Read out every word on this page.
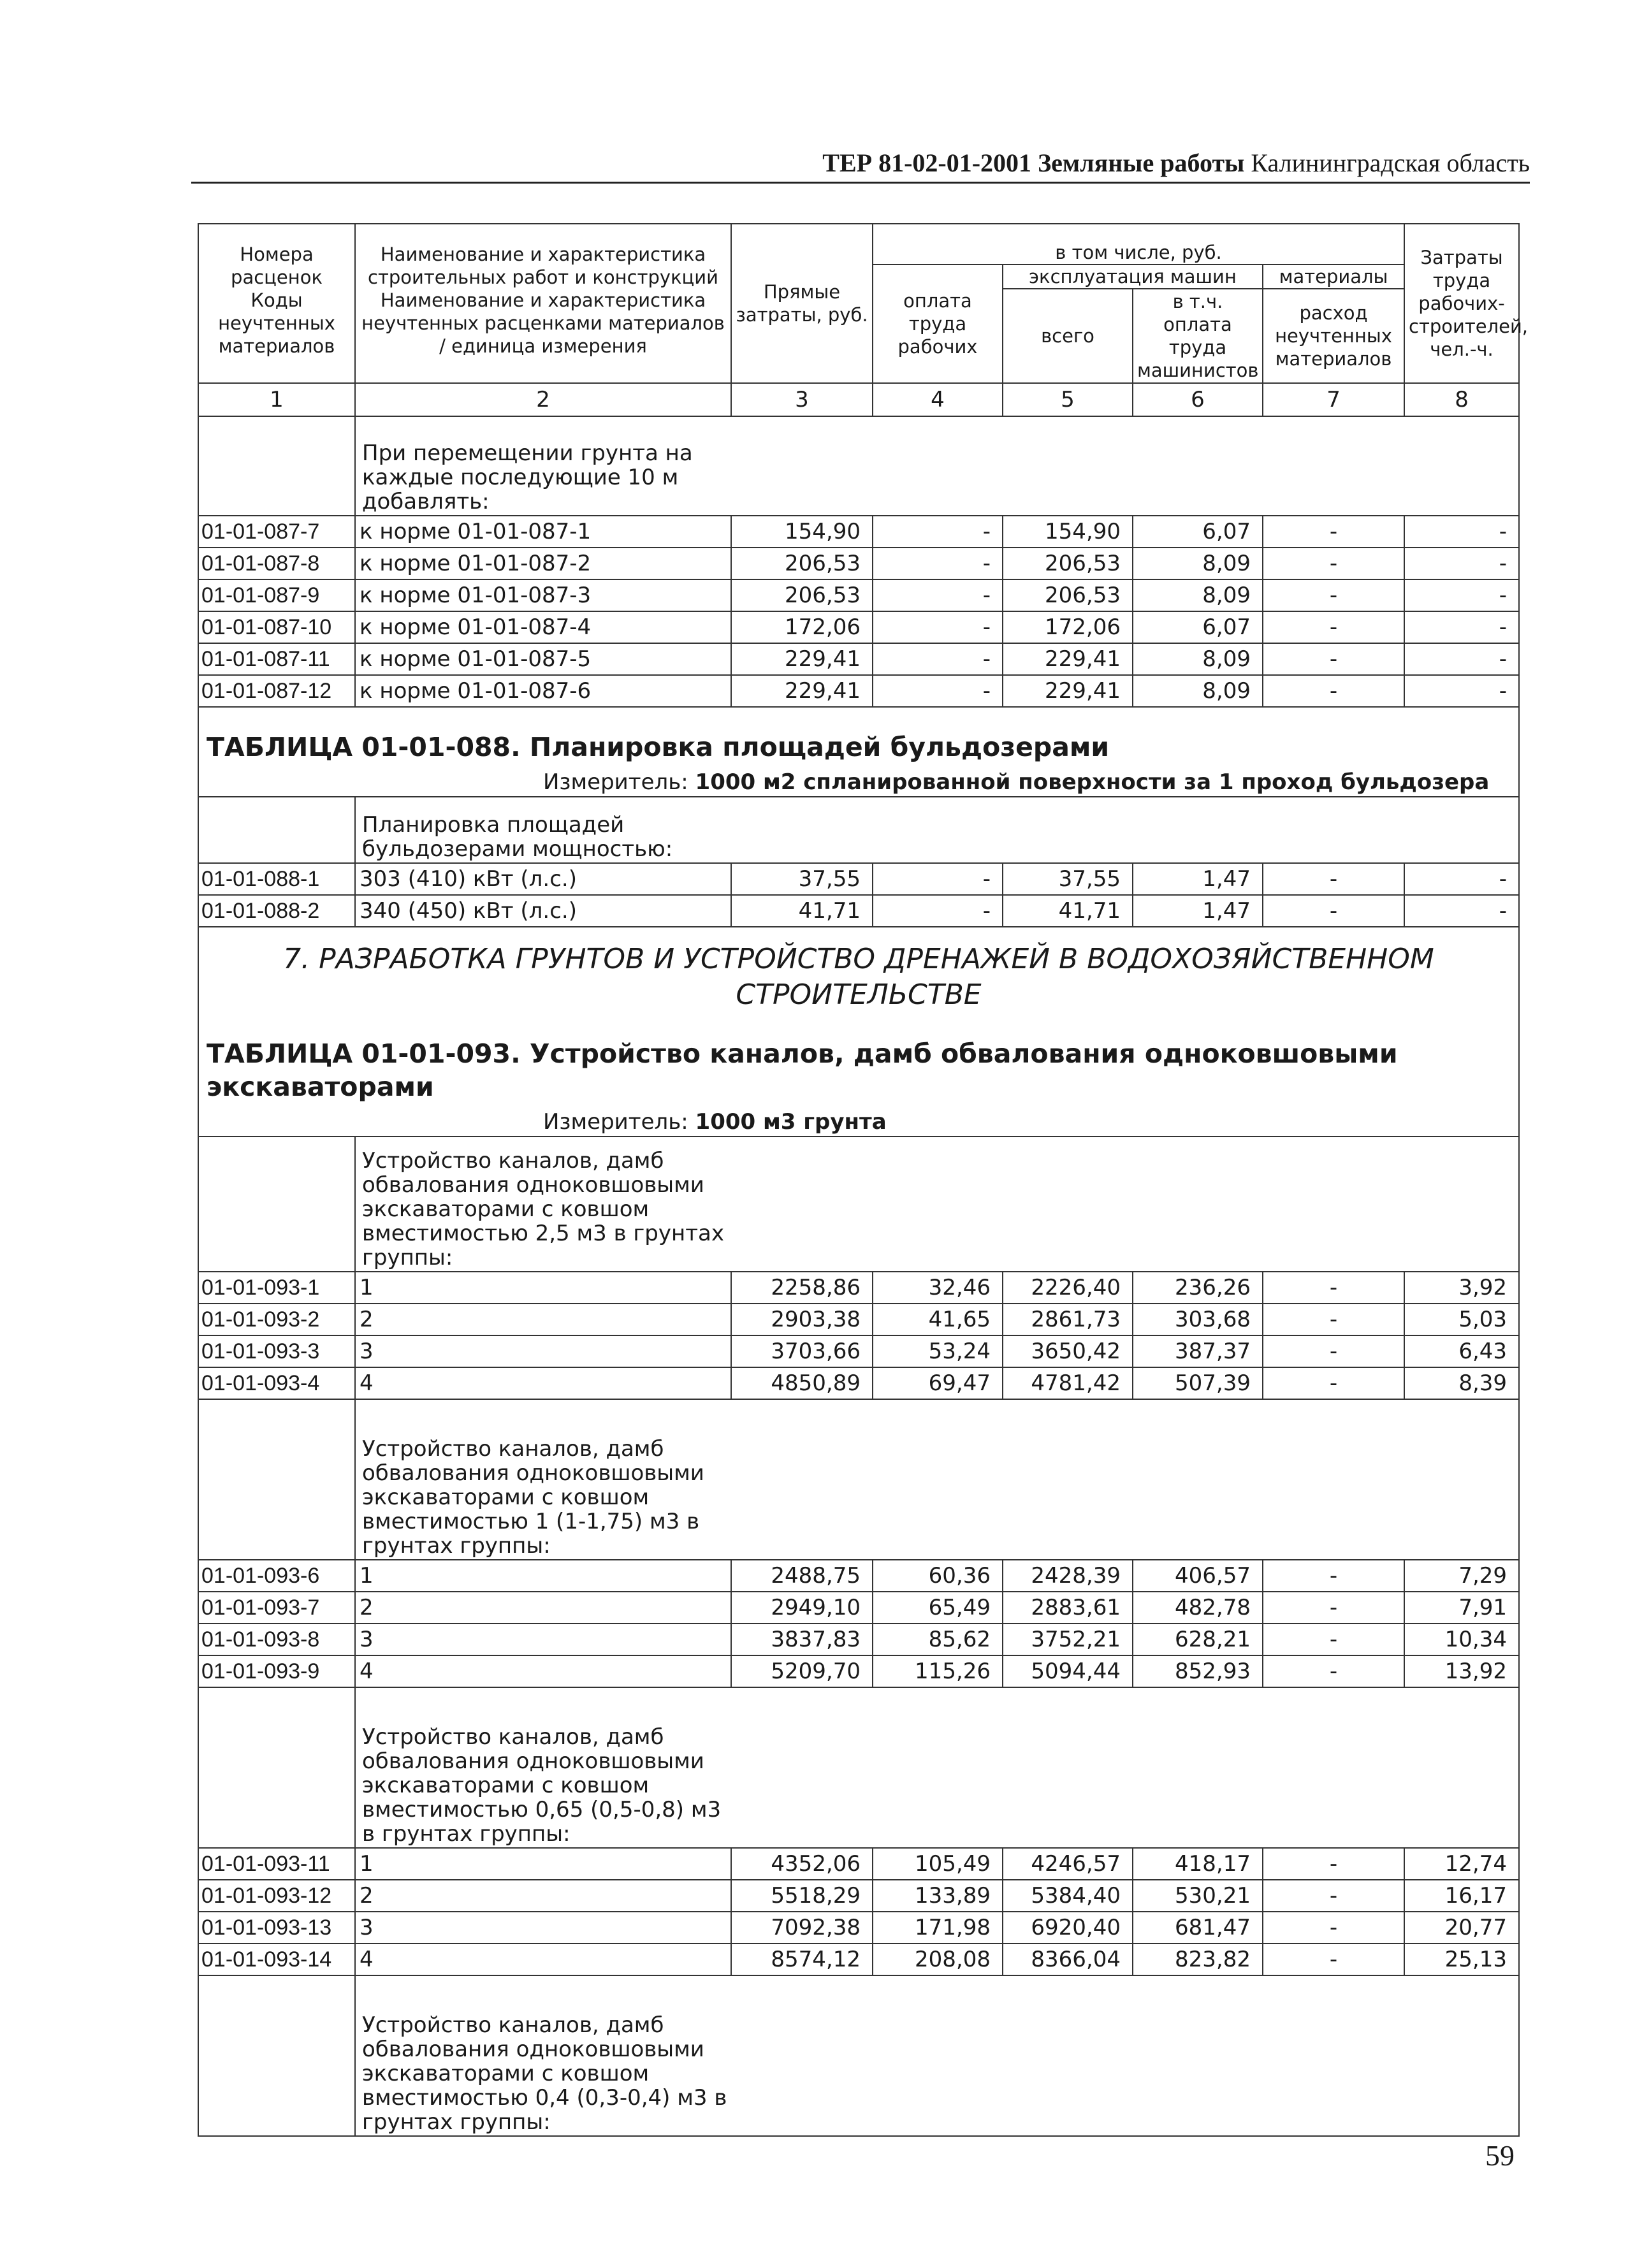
ТЕР 81-02-01-2001 Земляные работы Калининградская область
Номера расценок	Наименование и характеристика строительных работ и конструкций	Прямые затраты, руб.	в том числе, руб.				Затраты труда рабочих-строителей, чел.-ч.
			оплата труда рабочих	эксплуатация машин		материалы	
Коды неучтенных материалов	Наименование и характеристика неучтенных расценками материалов / единица измерения			всего	в т.ч. оплата труда машинистов	расход неучтенных материалов	

1	2	3	4	5	6	7	8

	При перемещении грунта на каждые последующие 10 м добавлять:						

01-01-087-7	к норме 01-01-087-1	154,90	-	154,90	6,07	-	-
01-01-087-8	к норме 01-01-087-2	206,53	-	206,53	8,09	-	-
01-01-087-9	к норме 01-01-087-3	206,53	-	206,53	8,09	-	-
01-01-087-10	к норме 01-01-087-4	172,06	-	172,06	6,07	-	-
01-01-087-11	к норме 01-01-087-5	229,41	-	229,41	8,09	-	-
01-01-087-12	к норме 01-01-087-6	229,41	-	229,41	8,09	-	-
ТАБЛИЦА 01-01-088. Планировка площадей бульдозерами							
Измеритель: 1000 м2 спланированной поверхности за 1 проход бульдозера							

	Планировка площадей бульдозерами мощностью:						

01-01-088-1	303 (410) кВт (л.с.)	37,55	-	37,55	1,47	-	-
01-01-088-2	340 (450) кВт (л.с.)	41,71	-	41,71	1,47	-	-

7. РАЗРАБОТКА ГРУНТОВ И УСТРОЙСТВО ДРЕНАЖЕЙ В ВОДОХОЗЯЙСТВЕННОМ СТРОИТЕЛЬСТВЕ							

ТАБЛИЦА 01-01-093. Устройство каналов, дамб обвалования одноковшовыми экскаваторами							
Измеритель: 1000 м3 грунта							

	Устройство каналов, дамб обвалования одноковшовыми экскаваторами с ковшом вместимостью 2,5 м3 в грунтах группы:						

01-01-093-1	1	2258,86	32,46	2226,40	236,26	-	3,92
01-01-093-2	2	2903,38	41,65	2861,73	303,68	-	5,03
01-01-093-3	3	3703,66	53,24	3650,42	387,37	-	6,43
01-01-093-4	4	4850,89	69,47	4781,42	507,39	-	8,39

	Устройство каналов, дамб обвалования одноковшовыми экскаваторами с ковшом вместимостью 1 (1-1,75) м3 в грунтах группы:						

01-01-093-6	1	2488,75	60,36	2428,39	406,57	-	7,29
01-01-093-7	2	2949,10	65,49	2883,61	482,78	-	7,91
01-01-093-8	3	3837,83	85,62	3752,21	628,21	-	10,34
01-01-093-9	4	5209,70	115,26	5094,44	852,93	-	13,92

	Устройство каналов, дамб обвалования одноковшовыми экскаваторами с ковшом вместимостью 0,65 (0,5-0,8) м3 в грунтах группы:						

01-01-093-11	1	4352,06	105,49	4246,57	418,17	-	12,74
01-01-093-12	2	5518,29	133,89	5384,40	530,21	-	16,17
01-01-093-13	3	7092,38	171,98	6920,40	681,47	-	20,77
01-01-093-14	4	8574,12	208,08	8366,04	823,82	-	25,13

	Устройство каналов, дамб обвалования одноковшовыми экскаваторами с ковшом вместимостью 0,4 (0,3-0,4) м3 в грунтах группы:						
59
